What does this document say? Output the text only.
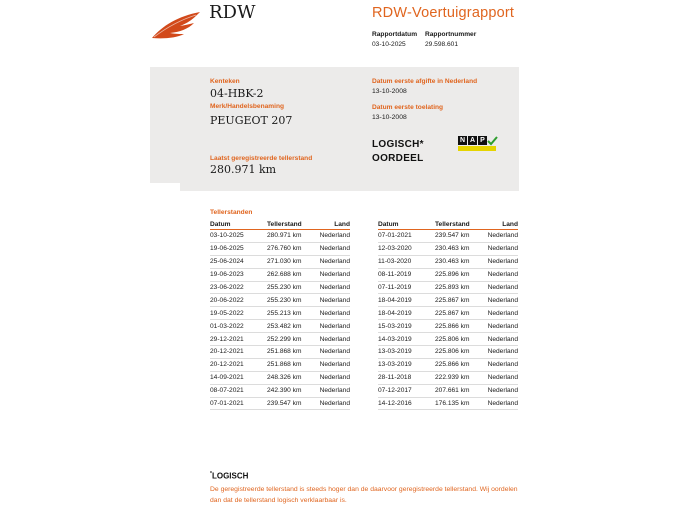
RDW	RDW-Voertuigrapport
Rapportdatum
03-10-2025
Rapportnummer
29.598.601
Kenteken
04-HBK-2
Merk/Handelsbenaming
PEUGEOT 207
Laatst geregistreerde tellerstand
280.971 km
Datum eerste afgifte in Nederland
13-10-2008
Datum eerste toelating
13-10-2008
LOGISCH*
OORDEEL
N A P
Tellerstanden
Datum	Tellerstand	Land
03-10-2025	280.971 km	Nederland
19-06-2025	276.760 km	Nederland
25-06-2024	271.030 km	Nederland
19-06-2023	262.688 km	Nederland
23-06-2022	255.230 km	Nederland
20-06-2022	255.230 km	Nederland
19-05-2022	255.213 km	Nederland
01-03-2022	253.482 km	Nederland
29-12-2021	252.299 km	Nederland
20-12-2021	251.868 km	Nederland
20-12-2021	251.868 km	Nederland
14-09-2021	248.326 km	Nederland
08-07-2021	242.390 km	Nederland
07-01-2021	239.547 km	Nederland
Datum	Tellerstand	Land
07-01-2021	239.547 km	Nederland
12-03-2020	230.463 km	Nederland
11-03-2020	230.463 km	Nederland
08-11-2019	225.896 km	Nederland
07-11-2019	225.893 km	Nederland
18-04-2019	225.867 km	Nederland
18-04-2019	225.867 km	Nederland
15-03-2019	225.866 km	Nederland
14-03-2019	225.806 km	Nederland
13-03-2019	225.806 km	Nederland
13-03-2019	225.866 km	Nederland
28-11-2018	222.939 km	Nederland
07-12-2017	207.661 km	Nederland
14-12-2016	176.135 km	Nederland
*LOGISCH
De geregistreerde tellerstand is steeds hoger dan de daarvoor geregistreerde tellerstand. Wij oordelen dan dat de tellerstand logisch verklaarbaar is.
